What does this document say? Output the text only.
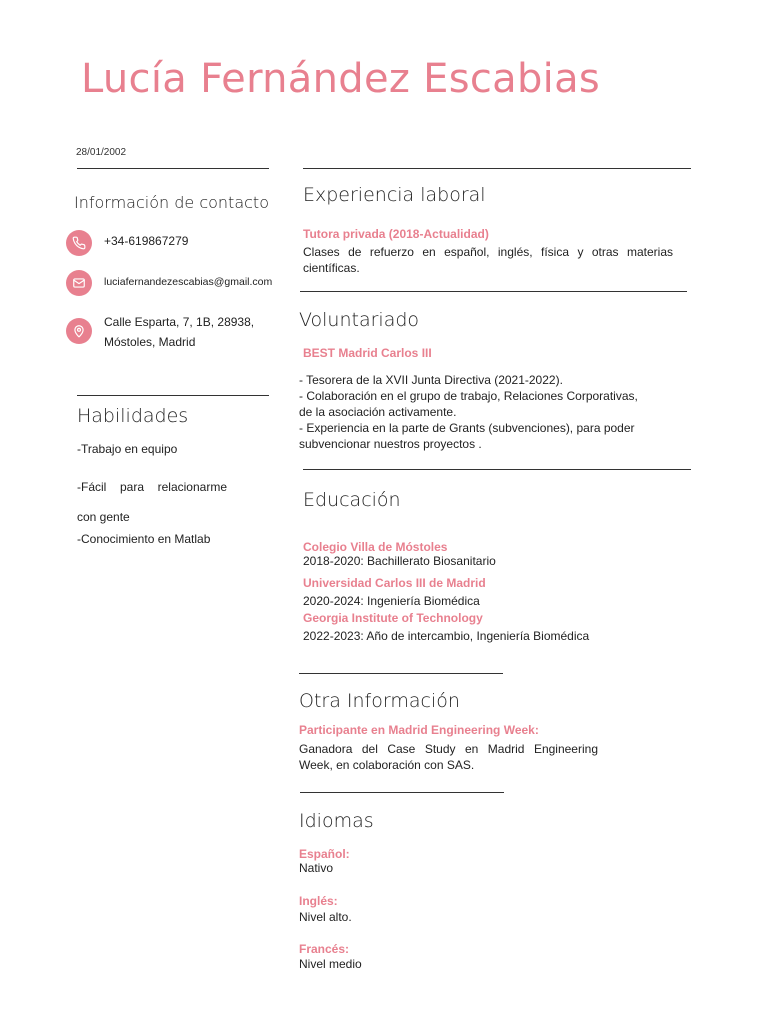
Lucía Fernández Escabias
28/01/2002
Información de contacto
+34-619867279
luciafernandezescabias@gmail.com
Calle Esparta, 7, 1B, 28938,
Móstoles, Madrid
Habilidades
-Trabajo en equipo
-Fácil para relacionarme con gente
-Conocimiento en Matlab
Experiencia laboral
Tutora privada (2018-Actualidad)
Clases de refuerzo en español, inglés, física y otras materias científicas.
Voluntariado
BEST Madrid Carlos III
- Tesorera de la XVII Junta Directiva (2021-2022).
- Colaboración en el grupo de trabajo, Relaciones Corporativas,
de la asociación activamente.
- Experiencia en la parte de Grants (subvenciones), para poder
subvencionar nuestros proyectos .
Educación
Colegio Villa de Móstoles
2018-2020: Bachillerato Biosanitario
Universidad Carlos III de Madrid
2020-2024: Ingeniería Biomédica
Georgia Institute of Technology
2022-2023: Año de intercambio, Ingeniería Biomédica
Otra Información
Participante en Madrid Engineering Week:
Ganadora del Case Study en Madrid Engineering Week, en colaboración con SAS.
Idiomas
Español:
Nativo
Inglés:
Nivel alto.
Francés:
Nivel medio
